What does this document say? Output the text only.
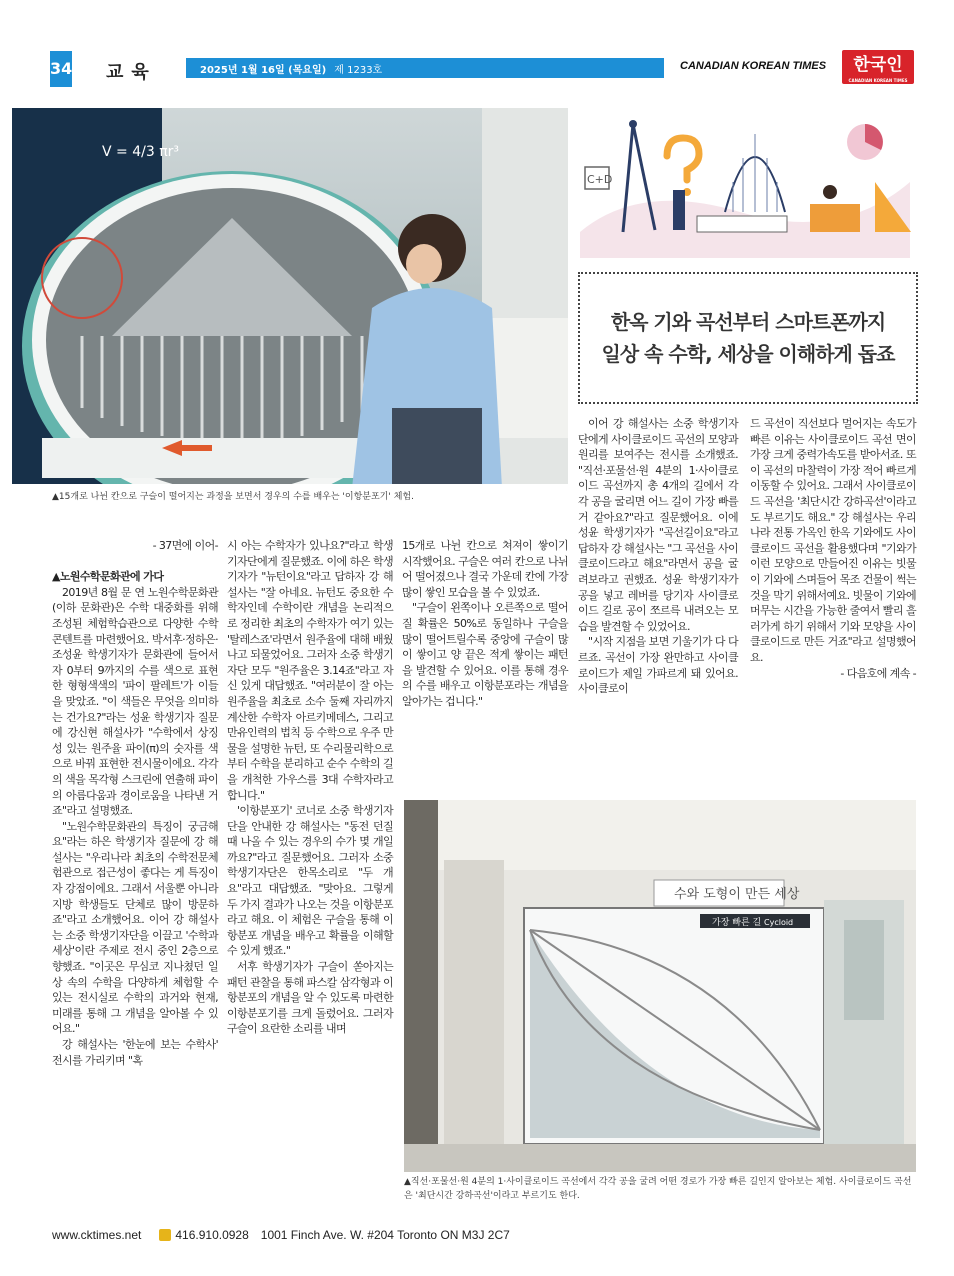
34 교육	2025년 1월 16일 (목요일) 제 1233호	CANADIAN KOREAN TIMES	한국인
CANADIAN KOREAN TIMES
V = 4/3 πr³
▲15개로 나뉜 칸으로 구슬이 떨어지는 과정을 보면서 경우의 수를 배우는 '이항분포기' 체험.
C+D
한옥 기와 곡선부터 스마트폰까지
일상 속 수학, 세상을 이해하게 돕죠

- 37면에 이어-

▲노원수학문화관에 가다

2019년 8월 문 연 노원수학문화관(이하 문화관)은 수학 대중화를 위해 조성된 체험학습관으로 다양한 수학 콘텐트를 마련했어요. 박서후·정하은·조성윤 학생기자가 문화관에 들어서자 0부터 9까지의 수를 색으로 표현한 형형색색의 '파이 팔레트'가 이들을 맞았죠. "이 색들은 무엇을 의미하는 건가요?"라는 성윤 학생기자 질문에 강신현 해설사가 "수학에서 상징성 있는 원주율 파이(π)의 숫자를 색으로 바꿔 표현한 전시물이에요. 각각의 색을 목각형 스크린에 연출해 파이의 아름다움과 경이로움을 나타낸 거죠"라고 설명했죠.

"노원수학문화관의 특징이 궁금해요"라는 하은 학생기자 질문에 강 해설사는 "우리나라 최초의 수학전문체험관으로 접근성이 좋다는 게 특징이자 강점이에요. 그래서 서울뿐 아니라 지방 학생들도 단체로 많이 방문하죠"라고 소개했어요. 이어 강 해설사는 소중 학생기자단을 이끌고 '수학과 세상'이란 주제로 전시 중인 2층으로 향했죠. "이곳은 무심코 지나쳤던 일상 속의 수학을 다양하게 체험할 수 있는 전시실로 수학의 과거와 현재, 미래를 통해 그 개념을 알아볼 수 있어요."

강 해설사는 '한눈에 보는 수학사' 전시를 가리키며 "혹

시 아는 수학자가 있나요?"라고 학생기자단에게 질문했죠. 이에 하은 학생기자가 "뉴턴이요"라고 답하자 강 해설사는 "잘 아네요. 뉴턴도 중요한 수학자인데 수학이란 개념을 논리적으로 정리한 최초의 수학자가 여기 있는 '탈레스죠'라면서 원주율에 대해 배웠나고 되물었어요. 그러자 소중 학생기자단 모두 "원주율은 3.14죠"라고 자신 있게 대답했죠. "여러분이 잘 아는 원주율을 최초로 소수 둘째 자리까지 계산한 수학자 아르키메데스, 그리고 만유인력의 법칙 등 수학으로 우주 만물을 설명한 뉴턴, 또 수리물리학으로부터 수학을 분리하고 순수 수학의 길을 개척한 가우스를 3대 수학자라고 합니다."

'이항분포기' 코너로 소중 학생기자단을 안내한 강 해설사는 "동전 던질 때 나올 수 있는 경우의 수가 몇 개일까요?"라고 질문했어요. 그러자 소중 학생기자단은 한목소리로 "두 개요"라고 대답했죠. "맞아요. 그렇게 두 가지 결과가 나오는 것을 이항분포라고 해요. 이 체험은 구슬을 통해 이항분포 개념을 배우고 확률을 이해할 수 있게 했죠."

서후 학생기자가 구슬이 쏟아지는 패턴 관찰을 통해 파스칼 삼각형과 이항분포의 개념을 알 수 있도록 마련한 이항분포기를 크게 돌렸어요. 그러자 구슬이 요란한 소리를 내며

15개로 나뉜 칸으로 쳐져이 쌓이기 시작했어요. 구슬은 여러 칸으로 나뉘어 떨어졌으나 결국 가운데 칸에 가장 많이 쌓인 모습을 볼 수 있었죠.

"구슬이 왼쪽이나 오른쪽으로 떨어질 확률은 50%로 동일하나 구슬을 많이 떨어트릴수록 중앙에 구슬이 많이 쌓이고 양 끝은 적게 쌓이는 패턴을 발견할 수 있어요. 이를 통해 경우의 수를 배우고 이항분포라는 개념을 알아가는 겁니다."

이어 강 해설사는 소중 학생기자단에게 사이클로이드 곡선의 모양과 원리를 보여주는 전시를 소개했죠. "직선·포물선·원 4분의 1·사이클로이드 곡선까지 총 4개의 길에서 각각 공을 굴리면 어느 길이 가장 빠를 거 같아요?"라고 질문했어요. 이에 성윤 학생기자가 "곡선길이요"라고 답하자 강 해설사는 "그 곡선을 사이클로이드라고 해요"라면서 공을 굴려보라고 권했죠. 성윤 학생기자가 공을 넣고 레버를 당기자 사이클로이드 길로 공이 쪼르륵 내려오는 모습을 발견할 수 있었어요.

"시작 지점을 보면 기울기가 다 다르죠. 곡선이 가장 완만하고 사이클로이드가 제일 가파르게 돼 있어요. 사이클로이

드 곡선이 직선보다 멀어지는 속도가 빠른 이유는 사이클로이드 곡선 면이 가장 크게 중력가속도를 받아서죠. 또 이 곡선의 마찰력이 가장 적어 빠르게 이동할 수 있어요. 그래서 사이클로이드 곡선을 '최단시간 강하곡선'이라고도 부르기도 해요." 강 해설사는 우리나라 전통 가옥인 한옥 기와에도 사이클로이드 곡선을 활용했다며 "기와가 이런 모양으로 만들어진 이유는 빗물이 기와에 스며들어 목조 건물이 썩는 것을 막기 위해서예요. 빗물이 기와에 머무는 시간을 가능한 줄여서 빨리 흘러가게 하기 위해서 기와 모양을 사이클로이드로 만든 거죠"라고 설명했어요.

- 다음호에 계속 -

수와 도형이 만든 세상
가장 빠른 길 Cycloid
▲직선·포물선·원 4분의 1·사이클로이드 곡선에서 각각 공을 굴려 어떤 경로가 가장 빠른 길인지 알아보는 체험. 사이클로이드 곡선은 '최단시간 강하곡선'이라고 부르기도 한다.
www.cktimes.net	416.910.0928 1001 Finch Ave. W. #204 Toronto ON M3J 2C7
